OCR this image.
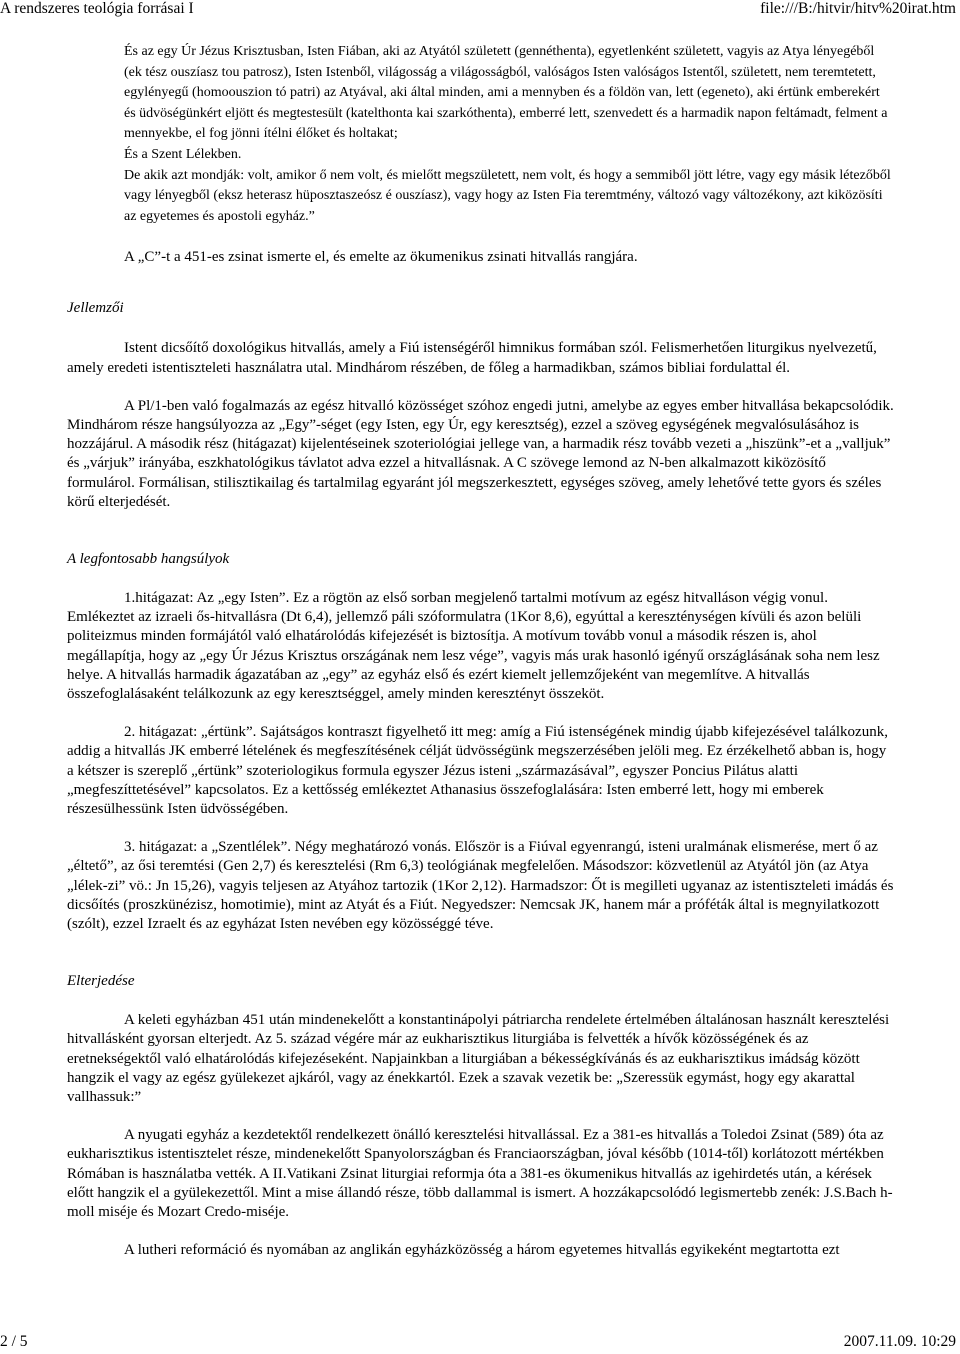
A rendszeres teológia forrásai I	file:///B:/hitvir/hitv%20irat.htm

És az egy Úr Jézus Krisztusban, Isten Fiában, aki az Atyától született (gennéthenta), egyetlenként született, vagyis az Atya lényegéből (ek tész ouszíasz tou patrosz), Isten Istenből, világosság a világosságból, valóságos Isten valóságos Istentől, született, nem teremtetett, egylényegű (homoouszion tó patri) az Atyával, aki által minden, ami a mennyben és a földön van, lett (egeneto), aki értünk emberekért és üdvöségünkért eljött és megtestesült (katelthonta kai szarkóthenta), emberré lett, szenvedett és a harmadik napon feltámadt, felment a mennyekbe, el fog jönni ítélni élőket és holtakat;

És a Szent Lélekben.

De akik azt mondják: volt, amikor ő nem volt, és mielőtt megszületett, nem volt, és hogy a semmiből jött létre, vagy egy másik létezőből vagy lényegből (eksz heterasz hüposztaszeósz é ouszíasz), vagy hogy az Isten Fia teremtmény, változó vagy változékony, azt kiközösíti az egyetemes és apostoli egyház.”

A „C”-t a 451-es zsinat ismerte el, és emelte az ökumenikus zsinati hitvallás rangjára.

Jellemzői

Istent dicsőítő doxológikus hitvallás, amely a Fiú istenségéről himnikus formában szól. Felismerhetően liturgikus nyelvezetű, amely eredeti istentiszteleti használatra utal. Mindhárom részében, de főleg a harmadikban, számos bibliai fordulattal él.

A Pl/1-ben való fogalmazás az egész hitvalló közösséget szóhoz engedi jutni, amelybe az egyes ember hitvallása bekapcsolódik. Mindhárom része hangsúlyozza az „Egy”-séget (egy Isten, egy Úr, egy keresztség), ezzel a szöveg egységének megvalósulásához is hozzájárul. A második rész (hitágazat) kijelentéseinek szoteriológiai jellege van, a harmadik rész tovább vezeti a „hiszünk”-et a „valljuk” és „várjuk” irányába, eszkhatológikus távlatot adva ezzel a hitvallásnak. A C szövege lemond az N-ben alkalmazott kiközösítő formulárol. Formálisan, stilisztikailag és tartalmilag egyaránt jól megszerkesztett, egységes szöveg, amely lehetővé tette gyors és széles körű elterjedését.

A legfontosabb hangsúlyok

1.hitágazat: Az „egy Isten”. Ez a rögtön az első sorban megjelenő tartalmi motívum az egész hitvalláson végig vonul. Emlékeztet az izraeli ős-hitvallásra (Dt 6,4), jellemző páli szóformulatra (1Kor 8,6), egyúttal a kereszténységen kívüli és azon belüli politeizmus minden formájától való elhatárolódás kifejezését is biztosítja. A motívum tovább vonul a második részen is, ahol megállapítja, hogy az „egy Úr Jézus Krisztus országának nem lesz vége”, vagyis más urak hasonló igényű országlásának soha nem lesz helye. A hitvallás harmadik ágazatában az „egy” az egyház első és ezért kiemelt jellemzőjeként van megemlítve. A hitvallás összefoglalásaként telálkozunk az egy keresztséggel, amely minden keresztényt összeköt.

2. hitágazat: „értünk”. Sajátságos kontraszt figyelhető itt meg: amíg a Fiú istenségének mindig újabb kifejezésével találkozunk, addig a hitvallás JK emberré lételének és megfeszítésének célját üdvösségünk megszerzésében jelöli meg. Ez érzékelhető abban is, hogy a kétszer is szereplő „értünk” szoteriologikus formula egyszer Jézus isteni „származásával”, egyszer Poncius Pilátus alatti „megfeszíttetésével” kapcsolatos. Ez a kettősség emlékeztet Athanasius összefoglalására: Isten emberré lett, hogy mi emberek részesülhessünk Isten üdvösségében.

3. hitágazat: a „Szentlélek”. Négy meghatározó vonás. Először is a Fiúval egyenrangú, isteni uralmának elismerése, mert ő az „éltető”, az ősi teremtési (Gen 2,7) és keresztelési (Rm 6,3) teológiának megfelelően. Másodszor: közvetlenül az Atyától jön (az Atya „lélek-zi” vö.: Jn 15,26), vagyis teljesen az Atyához tartozik (1Kor 2,12). Harmadszor: Őt is megilleti ugyanaz az istentiszteleti imádás és dicsőítés (proszkünézisz, homotimie), mint az Atyát és a Fiút. Negyedszer: Nemcsak JK, hanem már a próféták által is megnyilatkozott (szólt), ezzel Izraelt és az egyházat Isten nevében egy közösséggé téve.

Elterjedése

A keleti egyházban 451 után mindenekelőtt a konstantinápolyi pátriarcha rendelete értelmében általánosan használt keresztelési hitvallásként gyorsan elterjedt. Az 5. század végére már az eukharisztikus liturgiába is felvették a hívők közösségének és az eretnekségektől való elhatárolódás kifejezéseként. Napjainkban a liturgiában a békességkívánás és az eukharisztikus imádság között hangzik el vagy az egész gyülekezet ajkáról, vagy az énekkartól. Ezek a szavak vezetik be: „Szeressük egymást, hogy egy akarattal vallhassuk:”

A nyugati egyház a kezdetektől rendelkezett önálló keresztelési hitvallással. Ez a 381-es hitvallás a Toledoi Zsinat (589) óta az eukharisztikus istentisztelet része, mindenekelőtt Spanyolországban és Franciaországban, jóval később (1014-től) korlátozott mértékben Rómában is használatba vették. A II.Vatikani Zsinat liturgiai reformja óta a 381-es ökumenikus hitvallás az igehirdetés után, a kérések előtt hangzik el a gyülekezettől. Mint a mise állandó része, több dallammal is ismert. A hozzákapcsolódó legismertebb zenék: J.S.Bach h-moll miséje és Mozart Credo-miséje.

A lutheri reformáció és nyomában az anglikán egyházközösség a három egyetemes hitvallás egyikeként megtartotta ezt

2 / 5	2007.11.09. 10:29
